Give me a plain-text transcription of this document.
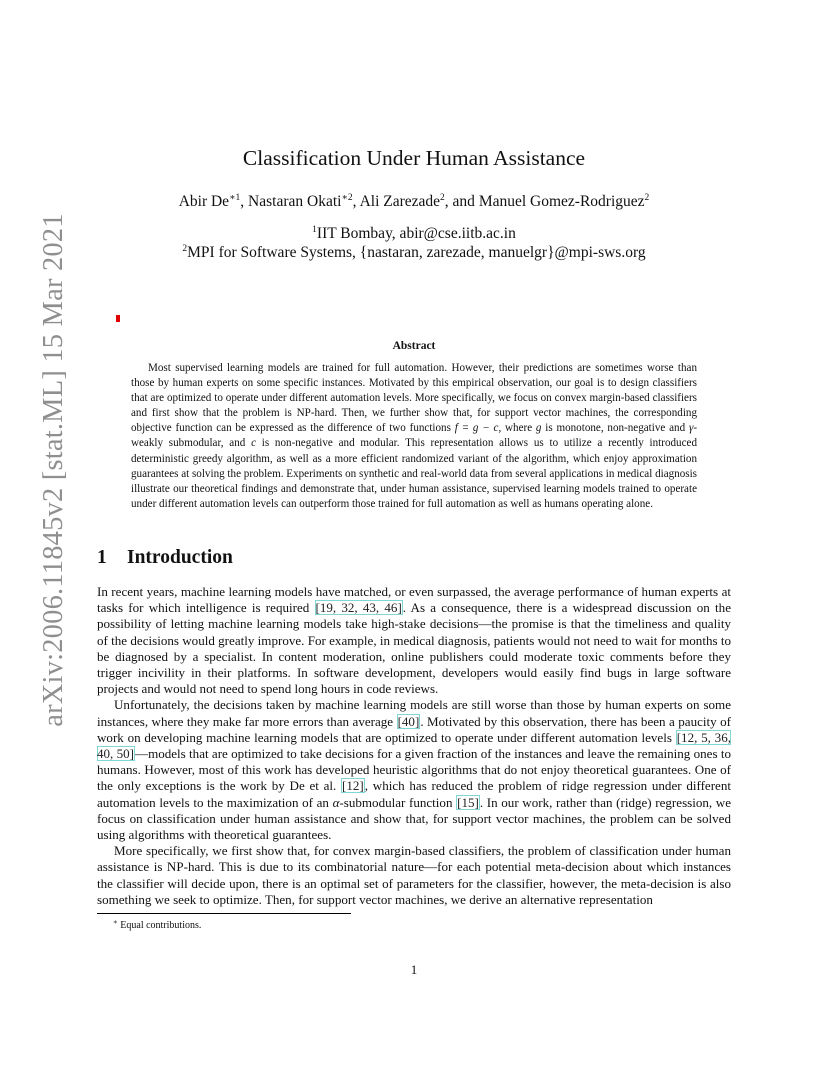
arXiv:2006.11845v2 [stat.ML] 15 Mar 2021
Classification Under Human Assistance
Abir $De^{∗1}$, Nastaran Okati$^{∗2}$, Ali Zarezade$^2$, and Manuel Gomez-Rodriguez$^2$
$^1$IIT Bombay, abir@cse.iitb.ac.in
$^2$MPI for Software Systems, {nastaran, zarezade, manuelgr}@mpi-sws.org
Abstract
Most supervised learning models are trained for full automation. However, their predictions are sometimes worse than those by human experts on some specific instances. Motivated by this empirical observation, our goal is to design classifiers that are optimized to operate under different automation levels. More specifically, we focus on convex margin-based classifiers and first show that the problem is NP-hard. Then, we further show that, for support vector machines, the corresponding objective function can be expressed as the difference of two functions f = g − c, where g is monotone, non-negative and γ-weakly submodular, and c is non-negative and modular. This representation allows us to utilize a recently introduced deterministic greedy algorithm, as well as a more efficient randomized variant of the algorithm, which enjoy approximation guarantees at solving the problem. Experiments on synthetic and real-world data from several applications in medical diagnosis illustrate our theoretical findings and demonstrate that, under human assistance, supervised learning models trained to operate under different automation levels can outperform those trained for full automation as well as humans operating alone.
1 Introduction

In recent years, machine learning models have matched, or even surpassed, the average performance of human experts at tasks for which intelligence is required [19, 32, 43, 46]. As a consequence, there is a widespread discussion on the possibility of letting machine learning models take high-stake decisions—the promise is that the timeliness and quality of the decisions would greatly improve. For example, in medical diagnosis, patients would not need to wait for months to be diagnosed by a specialist. In content moderation, online publishers could moderate toxic comments before they trigger incivility in their platforms. In software development, developers would easily find bugs in large software projects and would not need to spend long hours in code reviews.

Unfortunately, the decisions taken by machine learning models are still worse than those by human experts on some instances, where they make far more errors than average [40]. Motivated by this observation, there has been a paucity of work on developing machine learning models that are optimized to operate under different automation levels [12, 5, 36, 40, 50]—models that are optimized to take decisions for a given fraction of the instances and leave the remaining ones to humans. However, most of this work has developed heuristic algorithms that do not enjoy theoretical guarantees. One of the only exceptions is the work by De et al. [12], which has reduced the problem of ridge regression under different automation levels to the maximization of an α-submodular function [15]. In our work, rather than (ridge) regression, we focus on classification under human assistance and show that, for support vector machines, the problem can be solved using algorithms with theoretical guarantees.

More specifically, we first show that, for convex margin-based classifiers, the problem of classification under human assistance is NP-hard. This is due to its combinatorial nature—for each potential meta-decision about which instances the classifier will decide upon, there is an optimal set of parameters for the classifier, however, the meta-decision is also something we seek to optimize. Then, for support vector machines, we derive an alternative representation

∗ Equal contributions.
1
